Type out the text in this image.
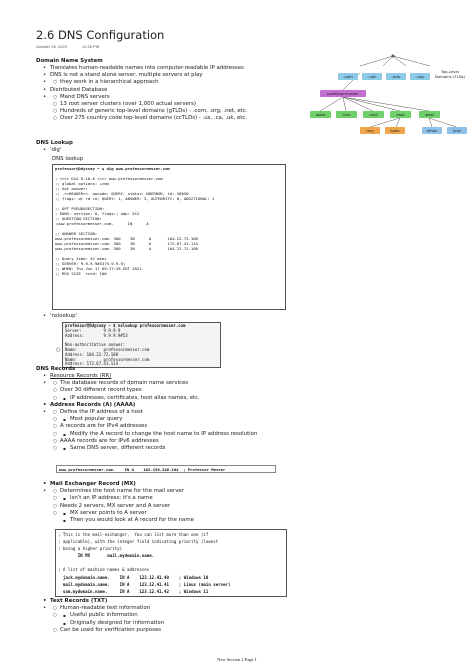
2.6 DNS Configuration
October 16, 2023	12:26 PM
Domain Name System
• Translates human-readable names into computer-readable IP addresses
• DNS is not a stand alone server, multiple servers at play
○ • they work in a hierarchical approach
• Distributed Database
○ • Mand DNS servers
○ 13 root server clusters (over 1,000 actual servers)
○ Hundreds of generic top-level domains (gTLDs) - .com, .org, .net, etc.
○ Over 275 country code top-level domains (ccTLDs) - .us, .ca, .uk, etc.
.com	.net	.edu	.org
Top-Level Domains (TLDs)
professormesser
www	live	mail	east	west
trey	katie	ethan	judy
DNS Lookup
• 'dig'
DNS lookup
professor@Odyssey ~ $ dig www.professormesser.com

; <<>> DiG 9.10.6 <<>> www.professormesser.com
;; global options: +cmd
;; Got answer:
;; ->>HEADER<<- opcode: QUERY, status: NOERROR, id: 58050
;; flags: qr rd ra; QUERY: 1, ANSWER: 3, AUTHORITY: 0, ADDITIONAL: 1

;; OPT PSEUDOSECTION:
; EDNS: version: 0, flags:; udp: 512
;; QUESTION SECTION:
;www.professormesser.com.      IN      A

;; ANSWER SECTION:
www.professormesser.com. 300    IN      A       104.22.73.108
www.professormesser.com. 300    IN      A       172.67.41.114
www.professormesser.com. 300    IN      A       104.22.72.108

;; Query time: 42 msec
;; SERVER: 9.9.9.9#53(9.9.9.9)
;; WHEN: Thu Jun 17 09:17:28 EDT 2021
;; MSG SIZE  rcvd: 100
• 'nslookup'
○
professor@Odyssey ~ $ nslookup professormesser.com
Server:         9.9.9.9
Address:        9.9.9.9#53

Non-authoritative answer:
Name:           professormesser.com
Address: 104.22.72.108
Name:           professormesser.com
Address: 172.67.41.114
DNS Records
• Resource Records (RR)
○ • The database records of domain name services
○ Over 30 different record types
▪ ○ IP addresses, certificates, host alias names, etc.
• Address Records (A) (AAAA)
○ • Define the IP address of a host
▪ ○ Most popular query
○ A records are for IPv4 addresses
▪ ○ Modify the A record to change the host name to IP address resolution
○ AAAA records are for IPv6 addresses
▪ ○ Same DNS server, different records
www.professormesser.com.    IN A    162.159.246.164  ; Professor Messer
• Mail Exchanger Record (MX)
○ • Determines the host name for the mail server
▪ ○ Isn't an IP address; it's a name
○ Needs 2 servers, MX server and A server
▪ ○ MX server points to A server
▪ Then you would look at A record for the name
; This is the mail-exchanger.  You can list more than one (if
; applicable), with the integer field indicating priority (lowest
; being a higher priority)
IN MX       mail.mydomain.name.

; A list of machine names & addresses
jack.mydomain.name.    IN A    123.12.41.40    ; Windows 10
mail.mydomain.name.    IN A    123.12.41.41    ; Linux (main server)
sam.mydomain.name.     IN A    123.12.41.42    ; Windows 11
• Text Records (TXT)
○ • Human-readable text information
▪ ○ Useful public information
▪ Originally designed for information
○ Can be used for verification purposes
New Section 2 Page 1
